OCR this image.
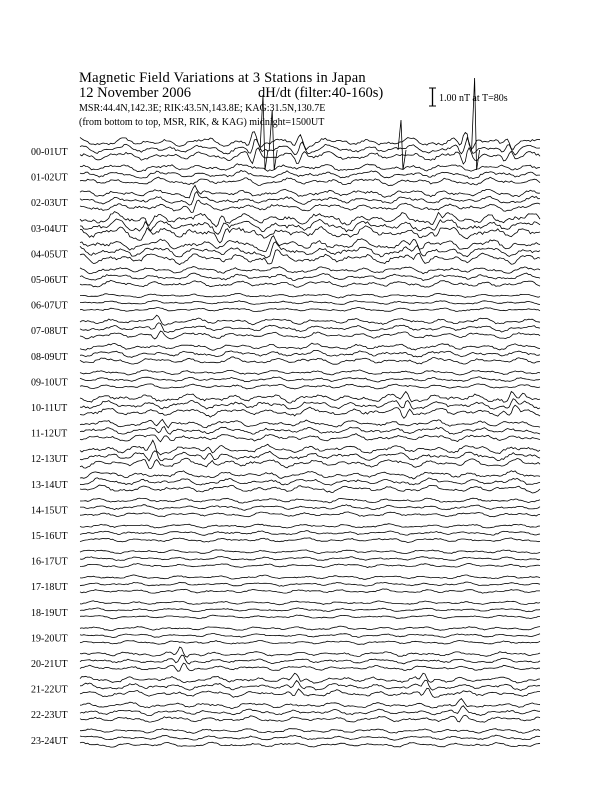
Magnetic Field Variations at 3 Stations in Japan
12 November 2006	dH/dt (filter:40-160s)	1.00 nT at T=80s
MSR:44.4N,142.3E; RIK:43.5N,143.8E; KAG:31.5N,130.7E
(from bottom to top, MSR, RIK, & KAG) midnight=1500UT
00-01UT
01-02UT
02-03UT
03-04UT
04-05UT
05-06UT
06-07UT
07-08UT
08-09UT
09-10UT
10-11UT
11-12UT
12-13UT
13-14UT
14-15UT
15-16UT
16-17UT
17-18UT
18-19UT
19-20UT
20-21UT
21-22UT
22-23UT
23-24UT
